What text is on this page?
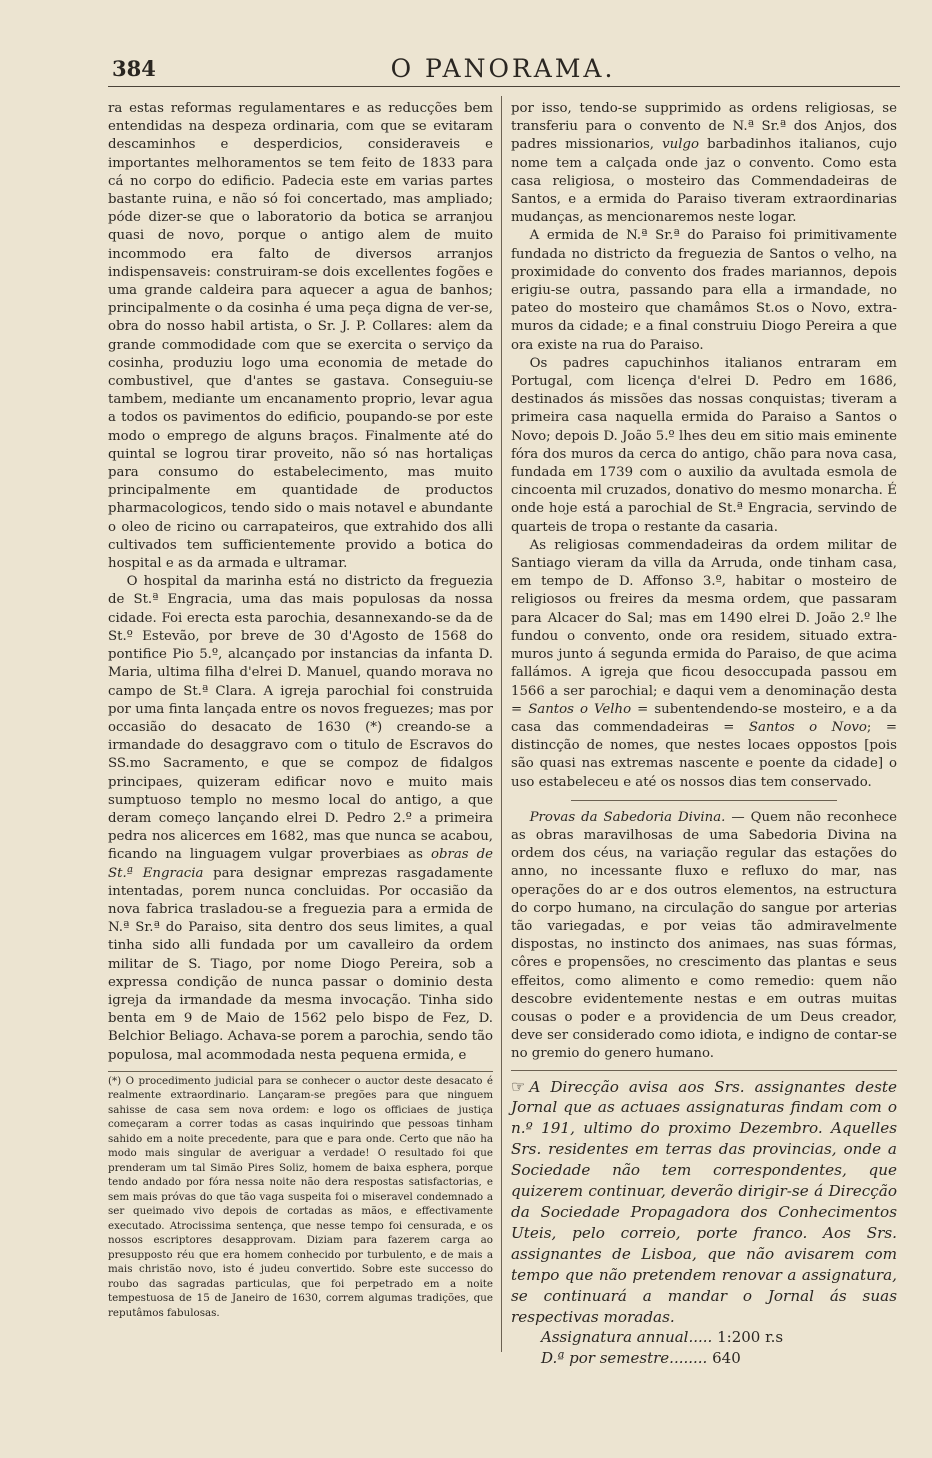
384	O PANORAMA.

ra estas reformas regulamentares e as reducções bem entendidas na despeza ordinaria, com que se evitaram descaminhos e desperdicios, consideraveis e importantes melhoramentos se tem feito de 1833 para cá no corpo do edificio. Padecia este em varias partes bastante ruina, e não só foi concertado, mas ampliado; póde dizer-se que o laboratorio da botica se arranjou quasi de novo, porque o antigo alem de muito incommodo era falto de diversos arranjos indispensaveis: construiram-se dois excellentes fogões e uma grande caldeira para aquecer a agua de banhos; principalmente o da cosinha é uma peça digna de ver-se, obra do nosso habil artista, o Sr. J. P. Collares: alem da grande commodidade com que se exercita o serviço da cosinha, produziu logo uma economia de metade do combustivel, que d'antes se gastava. Conseguiu-se tambem, mediante um encanamento proprio, levar agua a todos os pavimentos do edificio, poupando-se por este modo o emprego de alguns braços. Finalmente até do quintal se logrou tirar proveito, não só nas hortaliças para consumo do estabelecimento, mas muito principalmente em quantidade de productos pharmacologicos, tendo sido o mais notavel e abundante o oleo de ricino ou carrapateiros, que extrahido dos alli cultivados tem sufficientemente provido a botica do hospital e as da armada e ultramar.

O hospital da marinha está no districto da freguezia de St.ª Engracia, uma das mais populosas da nossa cidade. Foi erecta esta parochia, desannexando-se da de St.º Estevão, por breve de 30 d'Agosto de 1568 do pontifice Pio 5.º, alcançado por instancias da infanta D. Maria, ultima filha d'elrei D. Manuel, quando morava no campo de St.ª Clara. A igreja parochial foi construida por uma finta lançada entre os novos freguezes; mas por occasião do desacato de 1630 (*) creando-se a irmandade do desaggravo com o titulo de Escravos do SS.mo Sacramento, e que se compoz de fidalgos principaes, quizeram edificar novo e muito mais sumptuoso templo no mesmo local do antigo, a que deram começo lançando elrei D. Pedro 2.º a primeira pedra nos alicerces em 1682, mas que nunca se acabou, ficando na linguagem vulgar proverbiaes as obras de St.ª Engracia para designar emprezas rasgadamente intentadas, porem nunca concluidas. Por occasião da nova fabrica trasladou-se a freguezia para a ermida de N.ª Sr.ª do Paraiso, sita dentro dos seus limites, a qual tinha sido alli fundada por um cavalleiro da ordem militar de S. Tiago, por nome Diogo Pereira, sob a expressa condição de nunca passar o dominio desta igreja da irmandade da mesma invocação. Tinha sido benta em 9 de Maio de 1562 pelo bispo de Fez, D. Belchior Beliago. Achava-se porem a parochia, sendo tão populosa, mal acommodada nesta pequena ermida, e

(*) O procedimento judicial para se conhecer o auctor deste desacato é realmente extraordinario. Lançaram-se pregões para que ninguem sahisse de casa sem nova ordem: e logo os officiaes de justiça começaram a correr todas as casas inquirindo que pessoas tinham sahido em a noite precedente, para que e para onde. Certo que não ha modo mais singular de averiguar a verdade! O resultado foi que prenderam um tal Simão Pires Soliz, homem de baixa esphera, porque tendo andado por fóra nessa noite não dera respostas satisfactorias, e sem mais próvas do que tão vaga suspeita foi o miseravel condemnado a ser queimado vivo depois de cortadas as mãos, e effectivamente executado. Atrocissima sentença, que nesse tempo foi censurada, e os nossos escriptores desapprovam. Diziam para fazerem carga ao presupposto réu que era homem conhecido por turbulento, e de mais a mais christão novo, isto é judeu convertido. Sobre este successo do roubo das sagradas particulas, que foi perpetrado em a noite tempestuosa de 15 de Janeiro de 1630, correm algumas tradições, que reputâmos fabulosas.

por isso, tendo-se supprimido as ordens religiosas, se transferiu para o convento de N.ª Sr.ª dos Anjos, dos padres missionarios, vulgo barbadinhos italianos, cujo nome tem a calçada onde jaz o convento. Como esta casa religiosa, o mosteiro das Commendadeiras de Santos, e a ermida do Paraiso tiveram extraordinarias mudanças, as mencionaremos neste logar.

A ermida de N.ª Sr.ª do Paraiso foi primitivamente fundada no districto da freguezia de Santos o velho, na proximidade do convento dos frades mariannos, depois erigiu-se outra, passando para ella a irmandade, no pateo do mosteiro que chamâmos St.os o Novo, extra-muros da cidade; e a final construiu Diogo Pereira a que ora existe na rua do Paraiso.

Os padres capuchinhos italianos entraram em Portugal, com licença d'elrei D. Pedro em 1686, destinados ás missões das nossas conquistas; tiveram a primeira casa naquella ermida do Paraiso a Santos o Novo; depois D. João 5.º lhes deu em sitio mais eminente fóra dos muros da cerca do antigo, chão para nova casa, fundada em 1739 com o auxilio da avultada esmola de cincoenta mil cruzados, donativo do mesmo monarcha. É onde hoje está a parochial de St.ª Engracia, servindo de quarteis de tropa o restante da casaria.

As religiosas commendadeiras da ordem militar de Santiago vieram da villa da Arruda, onde tinham casa, em tempo de D. Affonso 3.º, habitar o mosteiro de religiosos ou freires da mesma ordem, que passaram para Alcacer do Sal; mas em 1490 elrei D. João 2.º lhe fundou o convento, onde ora residem, situado extra-muros junto á segunda ermida do Paraiso, de que acima fallámos. A igreja que ficou desoccupada passou em 1566 a ser parochial; e daqui vem a denominação desta = Santos o Velho = subentendendo-se mosteiro, e a da casa das commendadeiras = Santos o Novo; = distincção de nomes, que nestes locaes oppostos [pois são quasi nas extremas nascente e poente da cidade] o uso estabeleceu e até os nossos dias tem conservado.

Provas da Sabedoria Divina. — Quem não reconhece as obras maravilhosas de uma Sabedoria Divina na ordem dos céus, na variação regular das estações do anno, no incessante fluxo e refluxo do mar, nas operações do ar e dos outros elementos, na estructura do corpo humano, na circulação do sangue por arterias tão variegadas, e por veias tão admiravelmente dispostas, no instincto dos animaes, nas suas fórmas, côres e propensões, no crescimento das plantas e seus effeitos, como alimento e como remedio: quem não descobre evidentemente nestas e em outras muitas cousas o poder e a providencia de um Deus creador, deve ser considerado como idiota, e indigno de contar-se no gremio do genero humano.

☞ A Direcção avisa aos Srs. assignantes deste Jornal que as actuaes assignaturas findam com o n.º 191, ultimo do proximo Dezembro. Aquelles Srs. residentes em terras das provincias, onde a Sociedade não tem correspondentes, que quizerem continuar, deverão dirigir-se á Direcção da Sociedade Propagadora dos Conhecimentos Uteis, pelo correio, porte franco. Aos Srs. assignantes de Lisboa, que não avisarem com tempo que não pretendem renovar a assignatura, se continuará a mandar o Jornal ás suas respectivas moradas.

Assignatura annual..... 1:200 r.s
D.ª por semestre........ 640
